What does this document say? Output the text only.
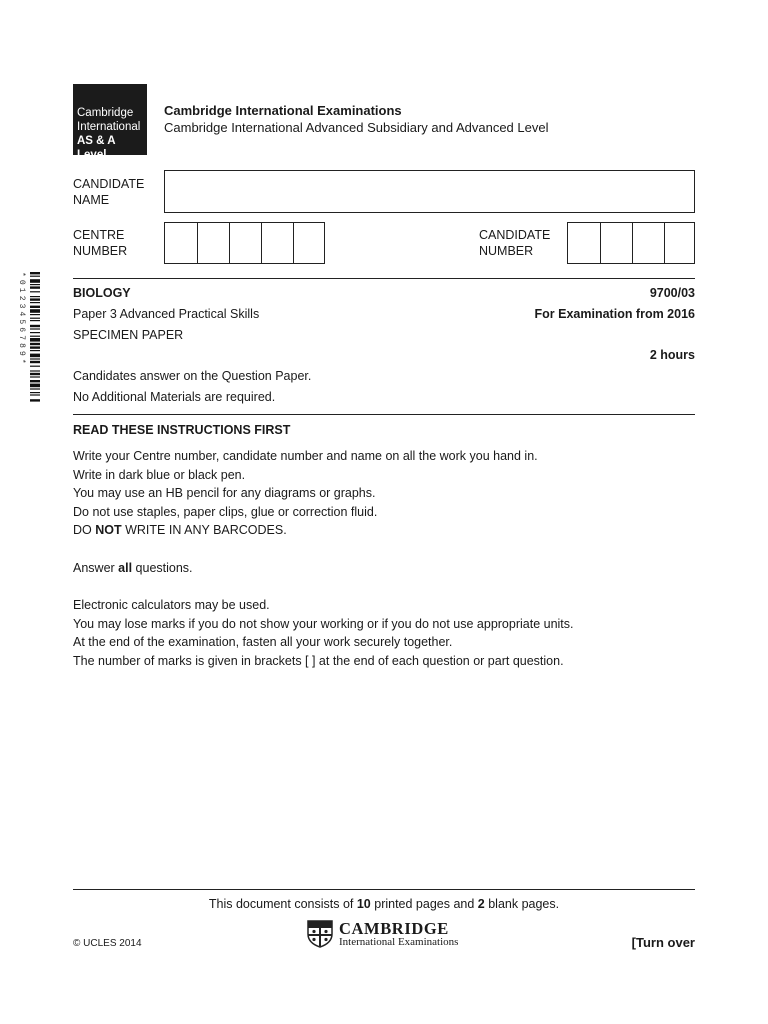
Cambridge
International
AS & A Level
Cambridge International Examinations
Cambridge International Advanced Subsidiary and Advanced Level
CANDIDATE
NAME
CENTRE
NUMBER
CANDIDATE
NUMBER
*0123456789*	BIOLOGY	9700/03
Paper 3 Advanced Practical Skills	For Examination from 2016
SPECIMEN PAPER
2 hours
Candidates answer on the Question Paper.
No Additional Materials are required.
READ THESE INSTRUCTIONS FIRST
Write your Centre number, candidate number and name on all the work you hand in.
Write in dark blue or black pen.
You may use an HB pencil for any diagrams or graphs.
Do not use staples, paper clips, glue or correction fluid.
DO NOT WRITE IN ANY BARCODES.
Answer all questions.
Electronic calculators may be used.
You may lose marks if you do not show your working or if you do not use appropriate units.
At the end of the examination, fasten all your work securely together.
The number of marks is given in brackets [ ] at the end of each question or part question.
This document consists of 10 printed pages and 2 blank pages.
© UCLES 2014
CAMBRIDGE
International Examinations	[Turn over
